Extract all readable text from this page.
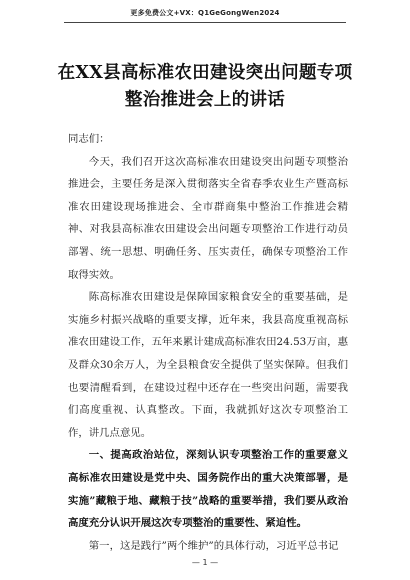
更多免费公文+VX：Q1GeGongWen2024
在XX县高标准农田建设突出问题专项整治推进会上的讲话

同志们：

今天，我们召开这次高标准农田建设突出问题专项整治推进会，主要任务是深入贯彻落实全省春季农业生产暨高标准农田建设现场推进会、全市群商集中整治工作推进会精神、对我县高标准农田建设会出问题专项整治工作进行动员部署、统一思想、明确任务、压实责任，确保专项整治工作取得实效。

陈高标准农田建设是保障国家粮食安全的重要基础，是实施乡村振兴战略的重要支撑，近年来，我县高度重视高标准农田建设工作，五年来累计建成高标准农田24.53万亩，惠及群众30余万人，为全县粮食安全提供了坚实保障。但我们也要清醒看到，在建设过程中还存在一些突出问题，需要我们高度重视、认真整改。下面，我就抓好这次专项整治工作，讲几点意见。

一、提高政治站位，深刻认识专项整治工作的重要意义高标准农田建设是党中央、国务院作出的重大决策部署，是实施”藏粮于地、藏粮于技”战略的重要举措，我们要从政治高度充分认识开展这次专项整治的重要性、紧迫性。

第一，这是践行”两个维护”的具体行动，习近平总书记

— 1 —
